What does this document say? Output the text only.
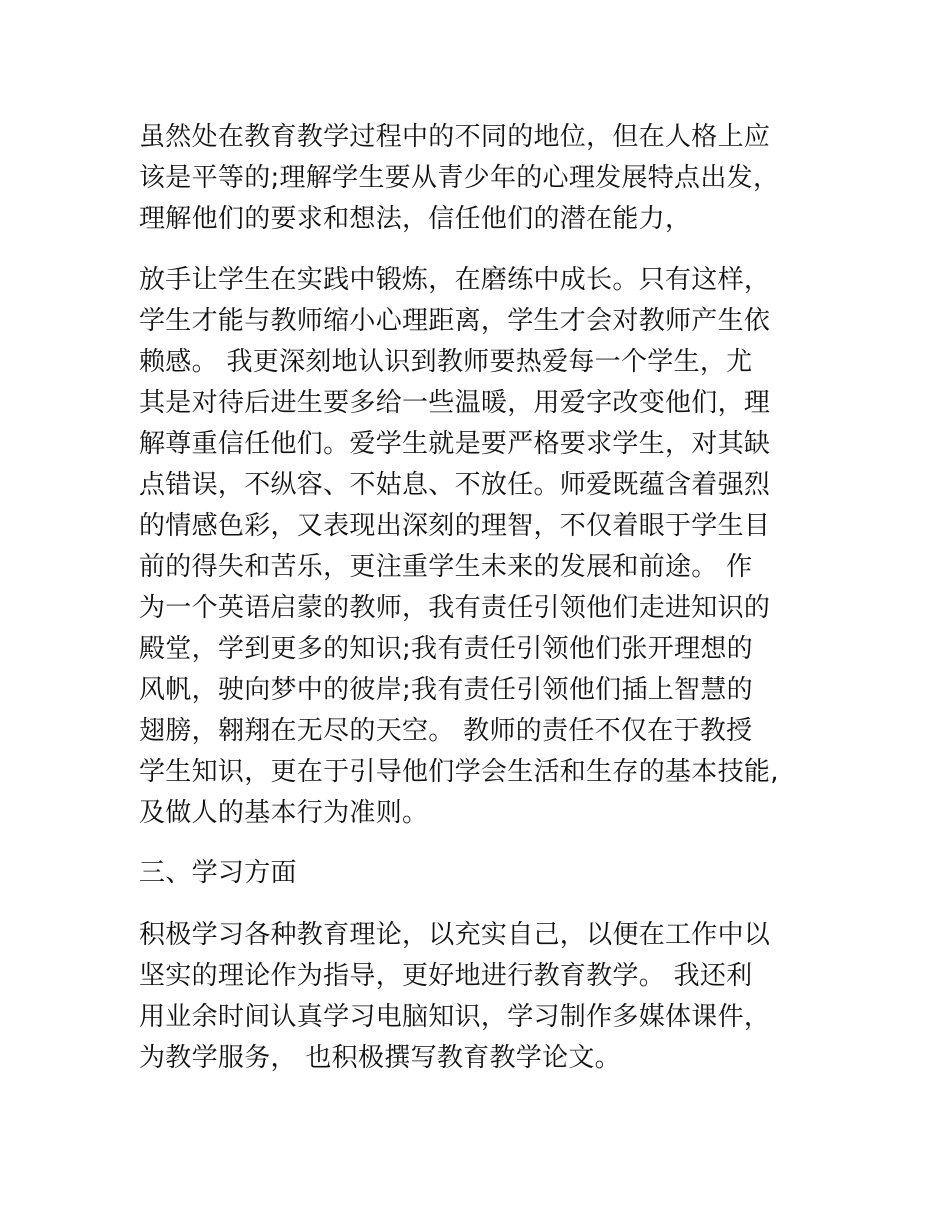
虽然处在教育教学过程中的不同的地位，但在人格上应
该是平等的;理解学生要从青少年的心理发展特点出发，
理解他们的要求和想法，信任他们的潜在能力，
放手让学生在实践中锻炼，在磨练中成长。只有这样，
学生才能与教师缩小心理距离，学生才会对教师产生依
赖感。 我更深刻地认识到教师要热爱每一个学生，尤
其是对待后进生要多给一些温暖，用爱字改变他们，理
解尊重信任他们。爱学生就是要严格要求学生，对其缺
点错误，不纵容、不姑息、不放任。师爱既蕴含着强烈
的情感色彩，又表现出深刻的理智，不仅着眼于学生目
前的得失和苦乐，更注重学生未来的发展和前途。 作
为一个英语启蒙的教师，我有责任引领他们走进知识的
殿堂，学到更多的知识;我有责任引领他们张开理想的
风帆，驶向梦中的彼岸;我有责任引领他们插上智慧的
翅膀，翱翔在无尽的天空。 教师的责任不仅在于教授
学生知识，更在于引导他们学会生活和生存的基本技能,
及做人的基本行为准则。
三、学习方面
积极学习各种教育理论，以充实自己，以便在工作中以
坚实的理论作为指导，更好地进行教育教学。 我还利
用业余时间认真学习电脑知识，学习制作多媒体课件，
为教学服务， 也积极撰写教育教学论文。
